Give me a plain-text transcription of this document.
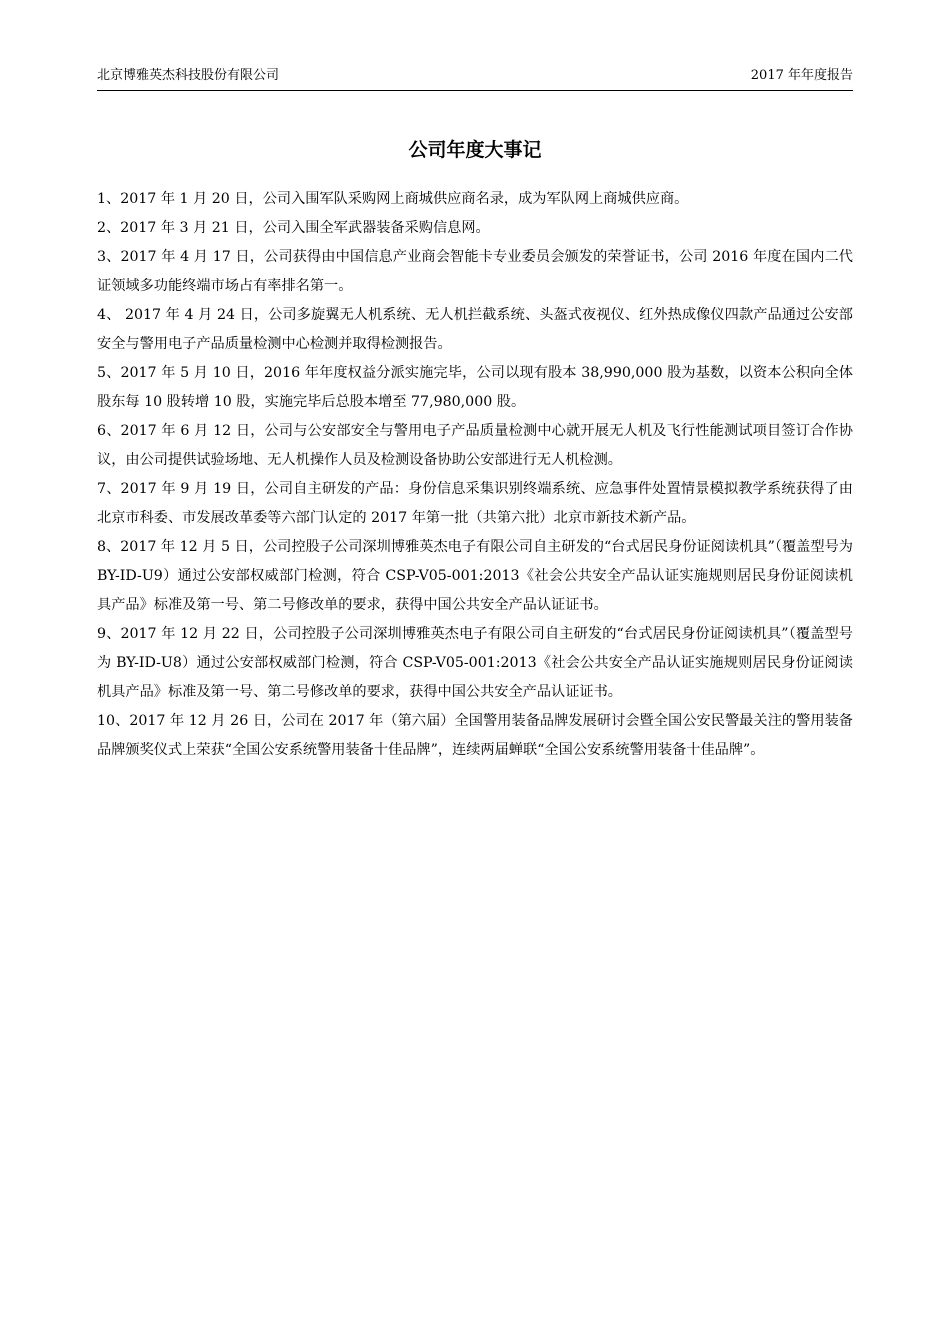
北京博雅英杰科技股份有限公司	2017 年年度报告
公司年度大事记
1、2017 年 1 月 20 日，公司入围军队采购网上商城供应商名录，成为军队网上商城供应商。
2、2017 年 3 月 21 日，公司入围全军武器装备采购信息网。
3、2017 年 4 月 17 日，公司获得由中国信息产业商会智能卡专业委员会颁发的荣誉证书，公司 2016 年度在国内二代证领域多功能终端市场占有率排名第一。
4、 2017 年 4 月 24 日，公司多旋翼无人机系统、无人机拦截系统、头盔式夜视仪、红外热成像仪四款产品通过公安部安全与警用电子产品质量检测中心检测并取得检测报告。
5、2017 年 5 月 10 日，2016 年年度权益分派实施完毕，公司以现有股本 38,990,000 股为基数，以资本公积向全体股东每 10 股转增 10 股，实施完毕后总股本增至 77,980,000 股。
6、2017 年 6 月 12 日，公司与公安部安全与警用电子产品质量检测中心就开展无人机及飞行性能测试项目签订合作协议，由公司提供试验场地、无人机操作人员及检测设备协助公安部进行无人机检测。
7、2017 年 9 月 19 日，公司自主研发的产品：身份信息采集识别终端系统、应急事件处置情景模拟教学系统获得了由北京市科委、市发展改革委等六部门认定的 2017 年第一批（共第六批）北京市新技术新产品。
8、2017 年 12 月 5 日，公司控股子公司深圳博雅英杰电子有限公司自主研发的“台式居民身份证阅读机具”（覆盖型号为 BY-ID-U9）通过公安部权威部门检测，符合 CSP-V05-001:2013《社会公共安全产品认证实施规则居民身份证阅读机具产品》标准及第一号、第二号修改单的要求，获得中国公共安全产品认证证书。
9、2017 年 12 月 22 日，公司控股子公司深圳博雅英杰电子有限公司自主研发的“台式居民身份证阅读机具”（覆盖型号为 BY-ID-U8）通过公安部权威部门检测，符合 CSP-V05-001:2013《社会公共安全产品认证实施规则居民身份证阅读机具产品》标准及第一号、第二号修改单的要求，获得中国公共安全产品认证证书。
10、2017 年 12 月 26 日，公司在 2017 年（第六届）全国警用装备品牌发展研讨会暨全国公安民警最关注的警用装备品牌颁奖仪式上荣获“全国公安系统警用装备十佳品牌”，连续两届蝉联“全国公安系统警用装备十佳品牌”。
